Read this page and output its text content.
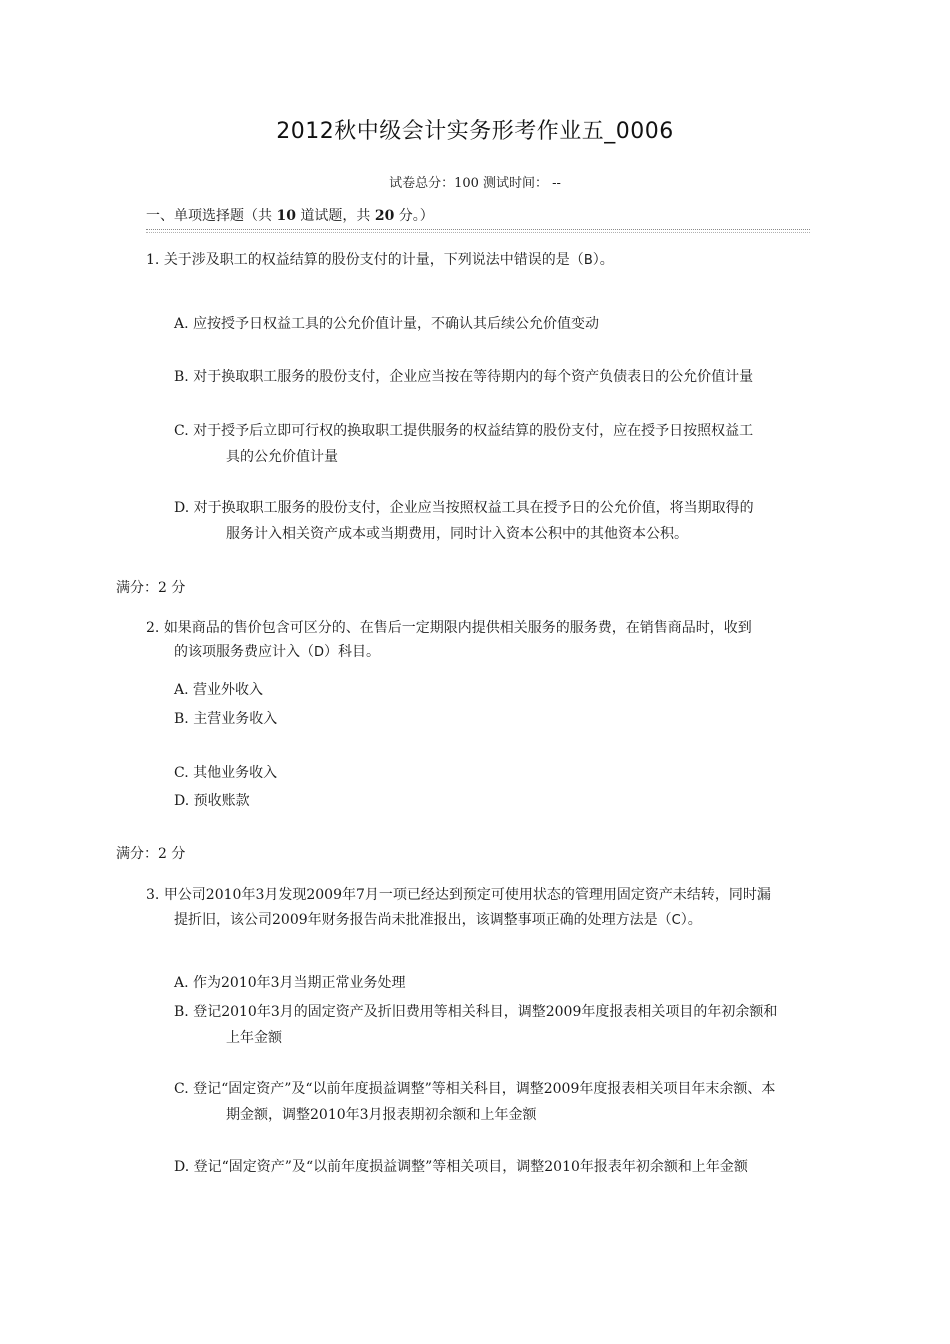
2012秋中级会计实务形考作业五_0006
试卷总分：100 测试时间： --
一、单项选择题（共 10 道试题，共 20 分。）
1. 关于涉及职工的权益结算的股份支付的计量，下列说法中错误的是（B）。
A. 应按授予日权益工具的公允价值计量，不确认其后续公允价值变动
B. 对于换取职工服务的股份支付，企业应当按在等待期内的每个资产负债表日的公允价值计量
C. 对于授予后立即可行权的换取职工提供服务的权益结算的股份支付，应在授予日按照权益工
具的公允价值计量
D. 对于换取职工服务的股份支付，企业应当按照权益工具在授予日的公允价值，将当期取得的
服务计入相关资产成本或当期费用，同时计入资本公积中的其他资本公积。
满分：2 分
2. 如果商品的售价包含可区分的、在售后一定期限内提供相关服务的服务费，在销售商品时，收到
的该项服务费应计入（D）科目。
A. 营业外收入
B. 主营业务收入
C. 其他业务收入
D. 预收账款
满分：2 分
3. 甲公司2010年3月发现2009年7月一项已经达到预定可使用状态的管理用固定资产未结转，同时漏
提折旧，该公司2009年财务报告尚未批准报出，该调整事项正确的处理方法是（C）。
A. 作为2010年3月当期正常业务处理
B. 登记2010年3月的固定资产及折旧费用等相关科目，调整2009年度报表相关项目的年初余额和
上年金额
C. 登记“固定资产”及“以前年度损益调整”等相关科目，调整2009年度报表相关项目年末余额、本
期金额，调整2010年3月报表期初余额和上年金额
D. 登记“固定资产”及“以前年度损益调整”等相关项目，调整2010年报表年初余额和上年金额
